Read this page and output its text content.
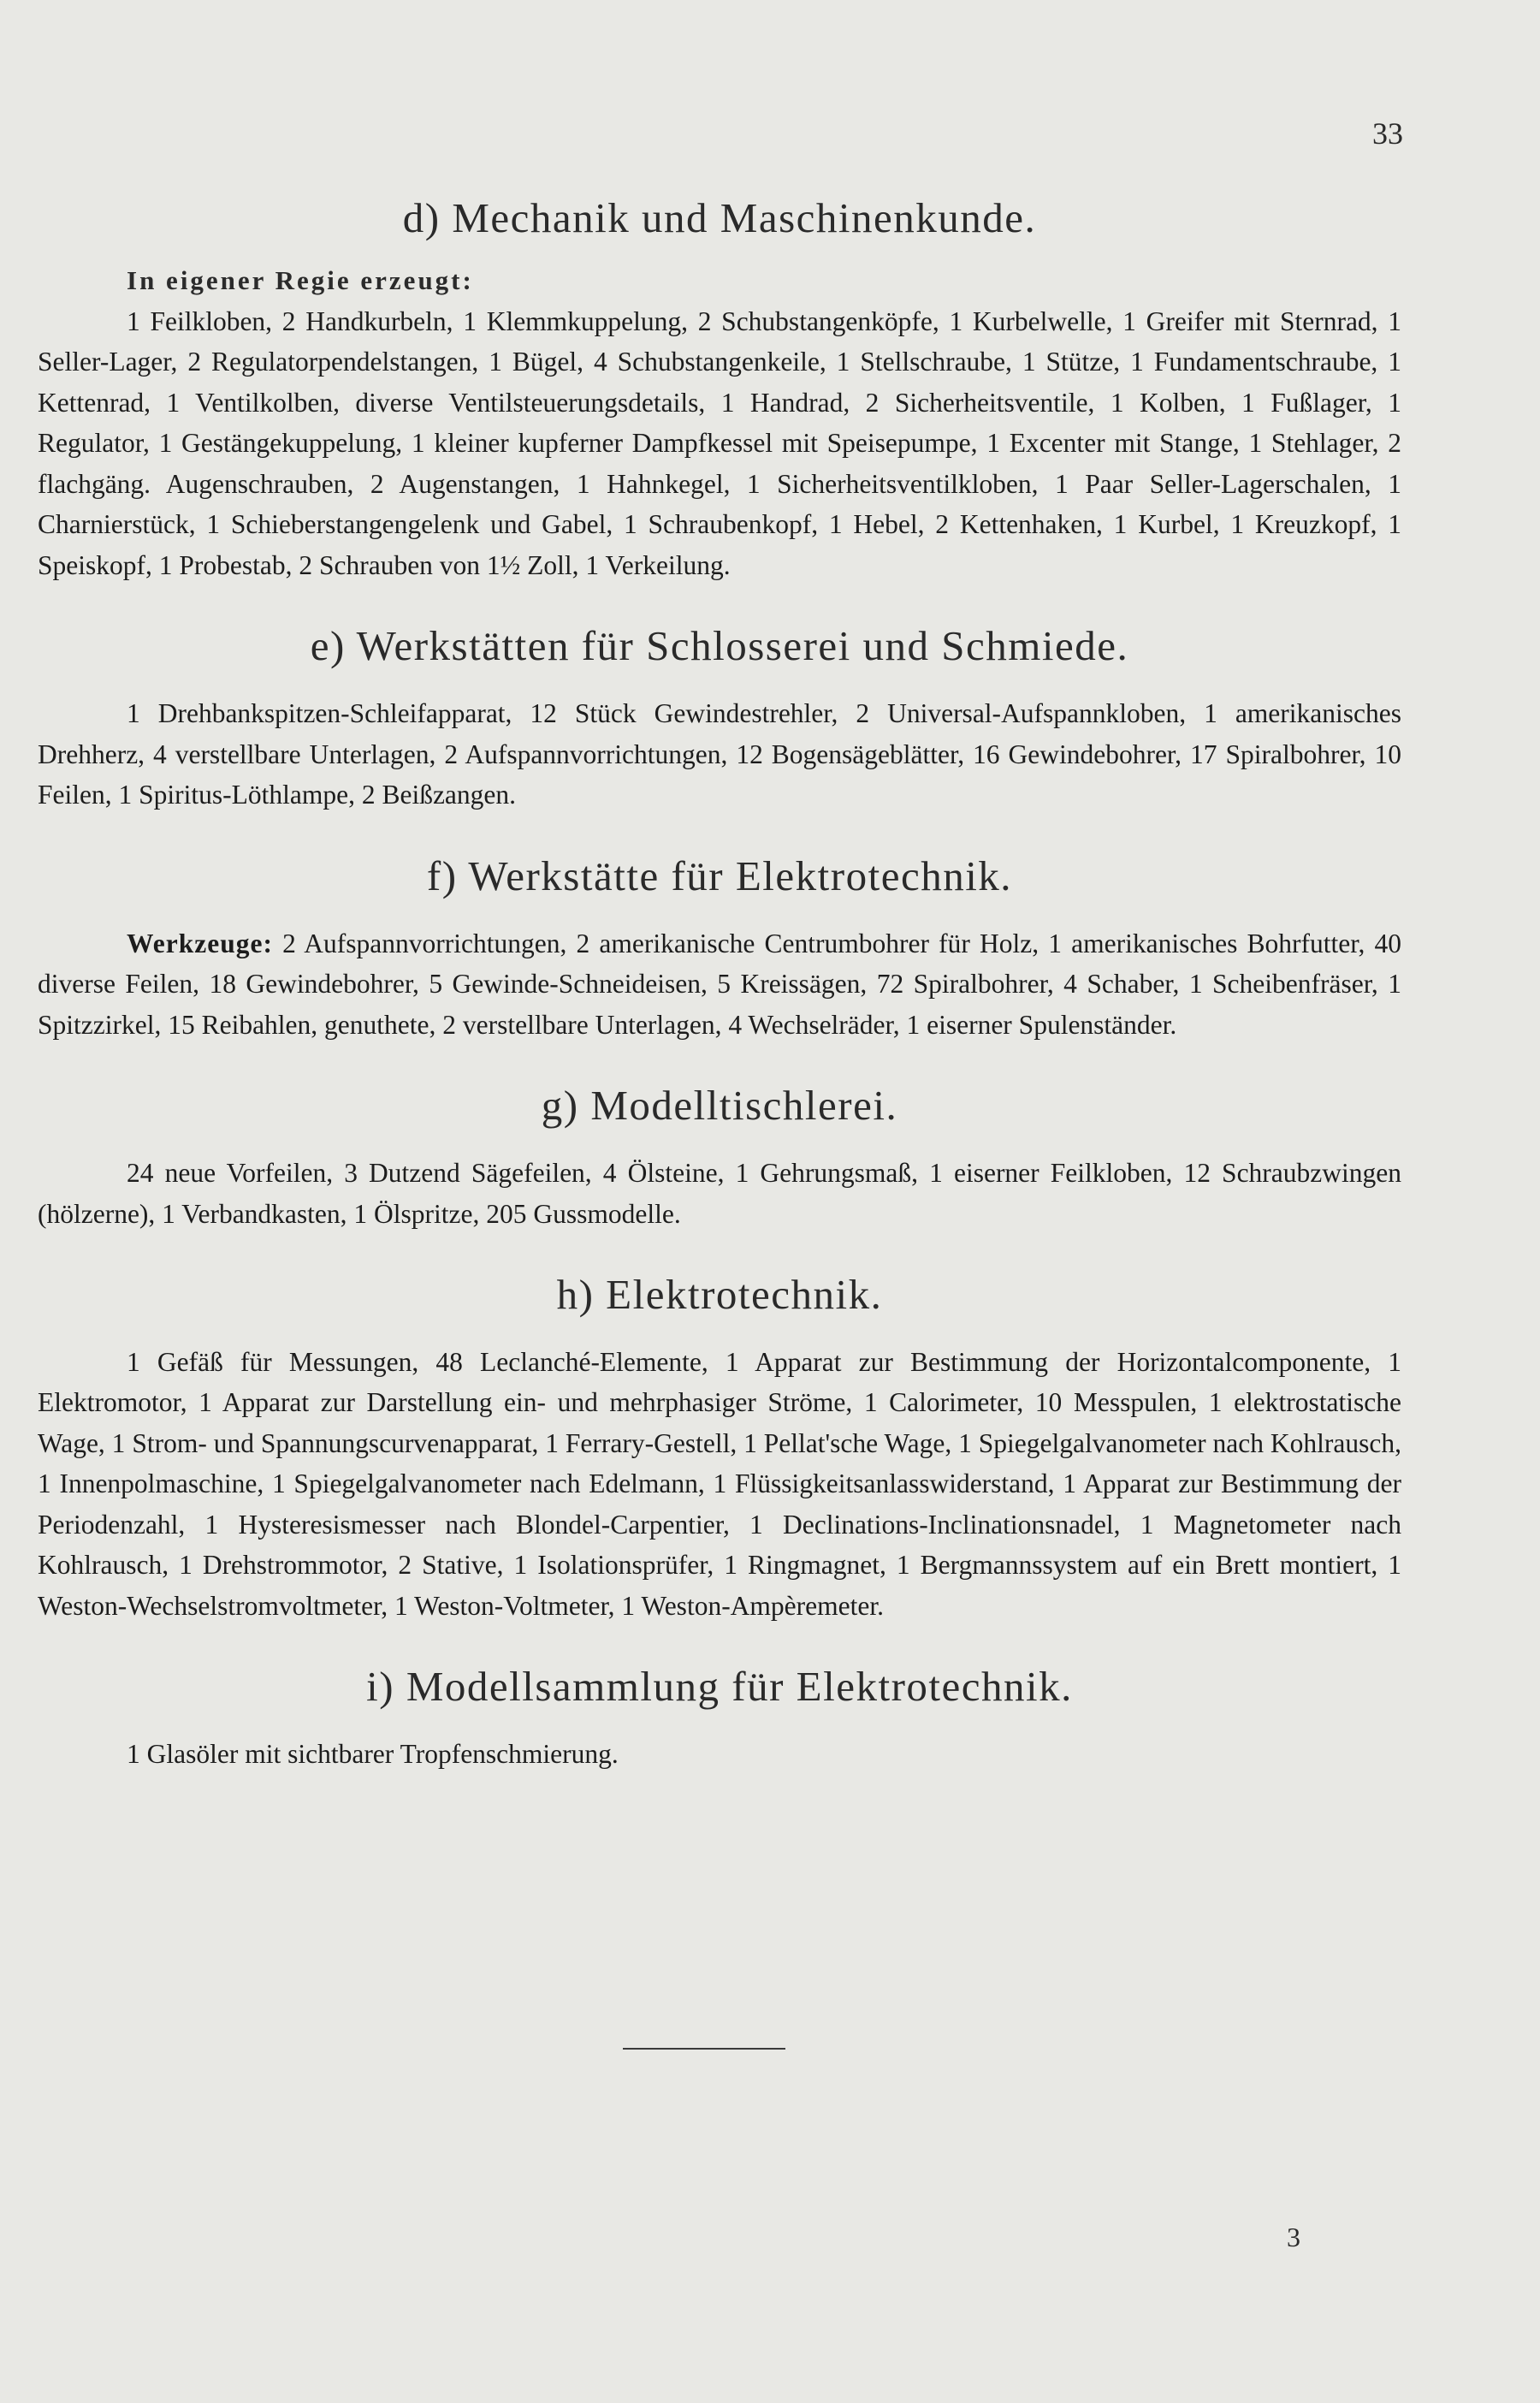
33
d) Mechanik und Maschinenkunde.
In eigener Regie erzeugt:

1 Feilkloben, 2 Handkurbeln, 1 Klemmkuppelung, 2 Schubstangenköpfe, 1 Kurbelwelle, 1 Greifer mit Sternrad, 1 Seller-Lager, 2 Regulatorpendelstangen, 1 Bügel, 4 Schubstangenkeile, 1 Stellschraube, 1 Stütze, 1 Fundamentschraube, 1 Kettenrad, 1 Ventilkolben, diverse Ventilsteuerungsdetails, 1 Handrad, 2 Sicherheitsventile, 1 Kolben, 1 Fußlager, 1 Regulator, 1 Gestängekuppelung, 1 kleiner kupferner Dampfkessel mit Speisepumpe, 1 Excenter mit Stange, 1 Stehlager, 2 flachgäng. Augenschrauben, 2 Augenstangen, 1 Hahnkegel, 1 Sicherheitsventilkloben, 1 Paar Seller-Lagerschalen, 1 Charnierstück, 1 Schieberstangengelenk und Gabel, 1 Schraubenkopf, 1 Hebel, 2 Kettenhaken, 1 Kurbel, 1 Kreuzkopf, 1 Speiskopf, 1 Probestab, 2 Schrauben von 1½ Zoll, 1 Verkeilung.

e) Werkstätten für Schlosserei und Schmiede.

1 Drehbankspitzen-Schleifapparat, 12 Stück Gewindestrehler, 2 Universal-Aufspannkloben, 1 amerikanisches Drehherz, 4 verstellbare Unterlagen, 2 Aufspannvorrichtungen, 12 Bogensägeblätter, 16 Gewindebohrer, 17 Spiralbohrer, 10 Feilen, 1 Spiritus-Löthlampe, 2 Beißzangen.

f) Werkstätte für Elektrotechnik.

Werkzeuge: 2 Aufspannvorrichtungen, 2 amerikanische Centrumbohrer für Holz, 1 amerikanisches Bohrfutter, 40 diverse Feilen, 18 Gewindebohrer, 5 Gewinde-Schneideisen, 5 Kreissägen, 72 Spiralbohrer, 4 Schaber, 1 Scheibenfräser, 1 Spitzzirkel, 15 Reibahlen, genuthete, 2 verstellbare Unterlagen, 4 Wechselräder, 1 eiserner Spulenständer.

g) Modelltischlerei.

24 neue Vorfeilen, 3 Dutzend Sägefeilen, 4 Ölsteine, 1 Gehrungsmaß, 1 eiserner Feilkloben, 12 Schraubzwingen (hölzerne), 1 Verbandkasten, 1 Ölspritze, 205 Gussmodelle.

h) Elektrotechnik.

1 Gefäß für Messungen, 48 Leclanché-Elemente, 1 Apparat zur Bestimmung der Horizontalcomponente, 1 Elektromotor, 1 Apparat zur Darstellung ein- und mehrphasiger Ströme, 1 Calorimeter, 10 Messpulen, 1 elektrostatische Wage, 1 Strom- und Spannungscurvenapparat, 1 Ferrary-Gestell, 1 Pellat'sche Wage, 1 Spiegelgalvanometer nach Kohlrausch, 1 Innenpolmaschine, 1 Spiegelgalvanometer nach Edelmann, 1 Flüssigkeitsanlasswiderstand, 1 Apparat zur Bestimmung der Periodenzahl, 1 Hysteresismesser nach Blondel-Carpentier, 1 Declinations-Inclinationsnadel, 1 Magnetometer nach Kohlrausch, 1 Drehstrommotor, 2 Stative, 1 Isolationsprüfer, 1 Ringmagnet, 1 Bergmannssystem auf ein Brett montiert, 1 Weston-Wechselstromvoltmeter, 1 Weston-Voltmeter, 1 Weston-Ampèremeter.

i) Modellsammlung für Elektrotechnik.

1 Glasöler mit sichtbarer Tropfenschmierung.

3
